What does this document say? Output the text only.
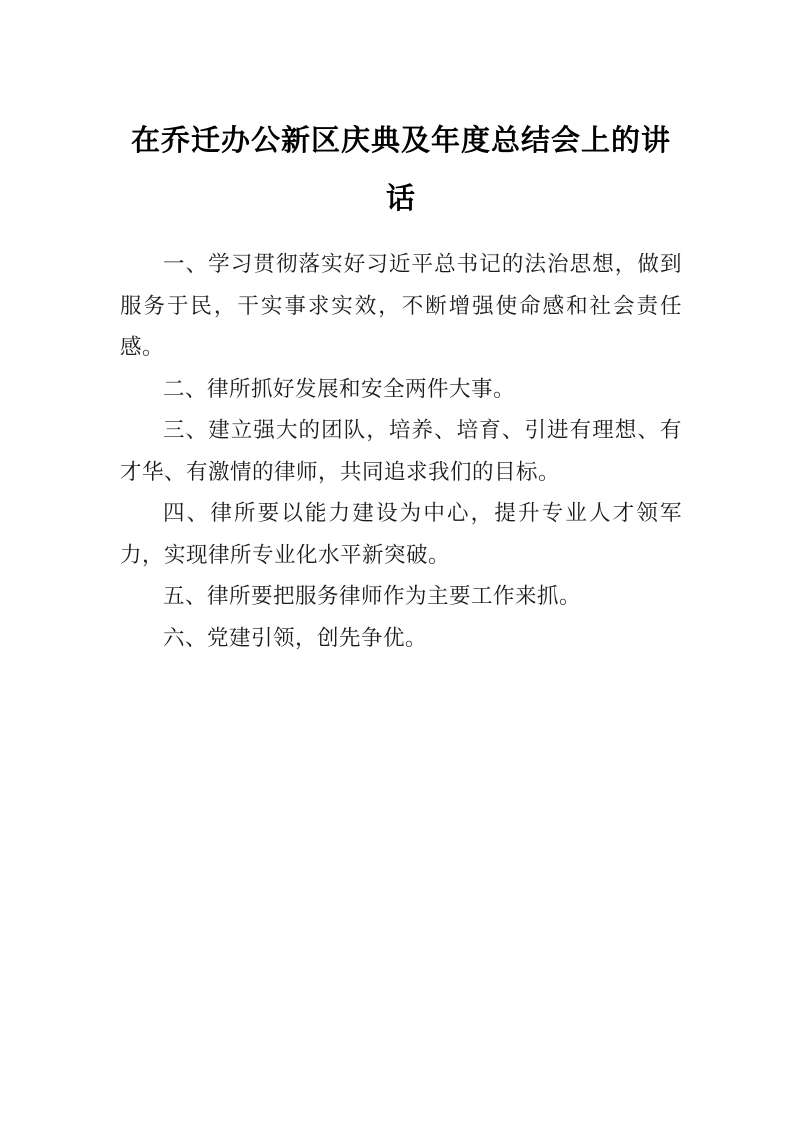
在乔迁办公新区庆典及年度总结会上的讲话

一、学习贯彻落实好习近平总书记的法治思想，做到服务于民，干实事求实效，不断增强使命感和社会责任感。

二、律所抓好发展和安全两件大事。

三、建立强大的团队，培养、培育、引进有理想、有才华、有激情的律师，共同追求我们的目标。

四、律所要以能力建设为中心，提升专业人才领军力，实现律所专业化水平新突破。

五、律所要把服务律师作为主要工作来抓。

六、党建引领，创先争优。
